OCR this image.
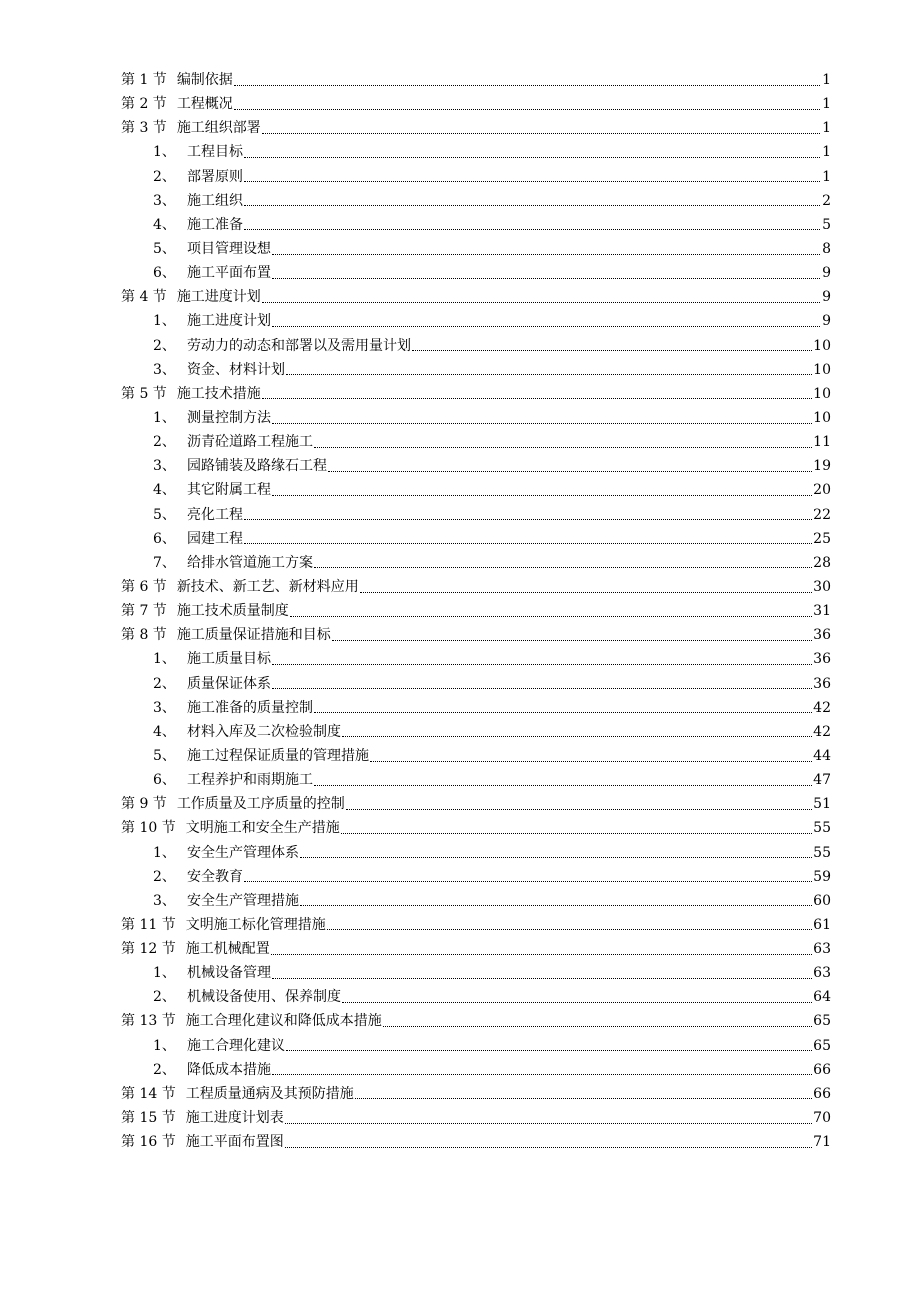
第 1 节 编制依据	1
第 2 节 工程概况	1
第 3 节 施工组织部署	1
1、 工程目标	1
2、 部署原则	1
3、 施工组织	2
4、 施工准备	5
5、 项目管理设想	8
6、 施工平面布置	9
第 4 节 施工进度计划	9
1、 施工进度计划	9
2、 劳动力的动态和部署以及需用量计划	10
3、 资金、材料计划	10
第 5 节 施工技术措施	10
1、 测量控制方法	10
2、 沥青砼道路工程施工	11
3、 园路铺装及路缘石工程	19
4、 其它附属工程	20
5、 亮化工程	22
6、 园建工程	25
7、 给排水管道施工方案	28
第 6 节 新技术、新工艺、新材料应用	30
第 7 节 施工技术质量制度	31
第 8 节 施工质量保证措施和目标	36
1、 施工质量目标	36
2、 质量保证体系	36
3、 施工准备的质量控制	42
4、 材料入库及二次检验制度	42
5、 施工过程保证质量的管理措施	44
6、 工程养护和雨期施工	47
第 9 节 工作质量及工序质量的控制	51
第 10 节 文明施工和安全生产措施	55
1、 安全生产管理体系	55
2、 安全教育	59
3、 安全生产管理措施	60
第 11 节 文明施工标化管理措施	61
第 12 节 施工机械配置	63
1、 机械设备管理	63
2、 机械设备使用、保养制度	64
第 13 节 施工合理化建议和降低成本措施	65
1、 施工合理化建议	65
2、 降低成本措施	66
第 14 节 工程质量通病及其预防措施	66
第 15 节 施工进度计划表	70
第 16 节 施工平面布置图	71
